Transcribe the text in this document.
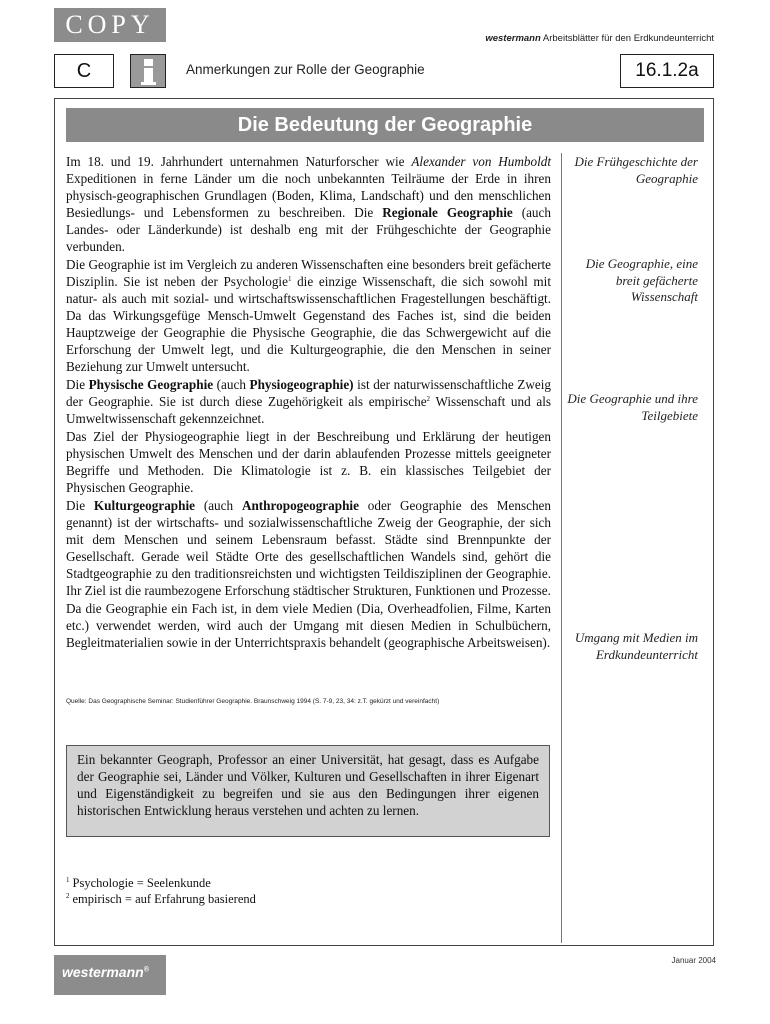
COPY	westermann Arbeitsblätter für den Erdkundeunterricht
C	Anmerkungen zur Rolle der Geographie	16.1.2a
Die Bedeutung der Geographie

Im 18. und 19. Jahrhundert unternahmen Naturforscher wie Alexander von Humboldt Expeditionen in ferne Länder um die noch unbekannten Teilräume der Erde in ihren physisch-geographischen Grundlagen (Boden, Klima, Landschaft) und den menschlichen Besiedlungs- und Lebensformen zu beschreiben. Die Regionale Geographie (auch Landes- oder Länderkunde) ist deshalb eng mit der Frühgeschichte der Geographie verbunden.

Die Geographie ist im Vergleich zu anderen Wissenschaften eine besonders breit gefächerte Disziplin. Sie ist neben der Psychologie$^1$ die einzige Wissenschaft, die sich sowohl mit natur- als auch mit sozial- und wirtschaftswissenschaftlichen Fragestellungen beschäftigt. Da das Wirkungsgefüge Mensch-Umwelt Gegenstand des Faches ist, sind die beiden Hauptzweige der Geographie die Physische Geographie, die das Schwergewicht auf die Erforschung der Umwelt legt, und die Kulturgeographie, die den Menschen in seiner Beziehung zur Umwelt untersucht.

Die Physische Geographie (auch Physiogeographie) ist der naturwissenschaftliche Zweig der Geographie. Sie ist durch diese Zugehörigkeit als empirische$^2$ Wissenschaft und als Umweltwissenschaft gekennzeichnet.

Das Ziel der Physiogeographie liegt in der Beschreibung und Erklärung der heutigen physischen Umwelt des Menschen und der darin ablaufenden Prozesse mittels geeigneter Begriffe und Methoden. Die Klimatologie ist z. B. ein klassisches Teilgebiet der Physischen Geographie.

Die Kulturgeographie (auch Anthropogeographie oder Geographie des Menschen genannt) ist der wirtschafts- und sozialwissenschaftliche Zweig der Geographie, der sich mit dem Menschen und seinem Lebensraum befasst. Städte sind Brennpunkte der Gesellschaft. Gerade weil Städte Orte des gesellschaftlichen Wandels sind, gehört die Stadtgeographie zu den traditionsreichsten und wichtigsten Teildisziplinen der Geographie. Ihr Ziel ist die raumbezogene Erforschung städtischer Strukturen, Funktionen und Prozesse.

Da die Geographie ein Fach ist, in dem viele Medien (Dia, Overheadfolien, Filme, Karten etc.) verwendet werden, wird auch der Umgang mit diesen Medien in Schulbüchern, Begleitmaterialien sowie in der Unterrichtspraxis behandelt (geographische Arbeitsweisen).

Die Frühgeschichte der Geographie
Die Geographie, eine breit gefächerte Wissenschaft
Die Geographie und ihre Teilgebiete
Umgang mit Medien im Erdkundeunterricht
Quelle: Das Geographische Seminar: Studienführer Geographie. Braunschweig 1994 (S. 7-9, 23, 34: z.T. gekürzt und vereinfacht)
Ein bekannter Geograph, Professor an einer Universität, hat gesagt, dass es Aufgabe der Geographie sei, Länder und Völker, Kulturen und Gesellschaften in ihrer Eigenart und Eigenständigkeit zu begreifen und sie aus den Bedingungen ihrer eigenen historischen Entwicklung heraus verstehen und achten zu lernen.
$^1$ Psychologie = Seelenkunde
$^2$ empirisch = auf Erfahrung basierend
Januar 2004
westermann®
